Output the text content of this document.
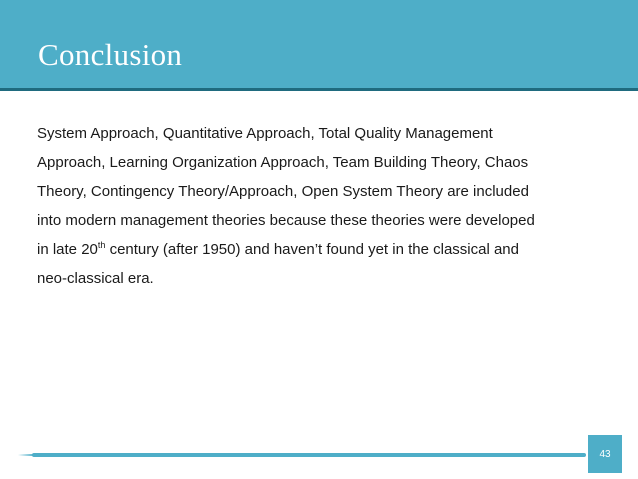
Conclusion

System Approach, Quantitative Approach, Total Quality Management
Approach, Learning Organization Approach, Team Building Theory, Chaos
Theory, Contingency Theory/Approach, Open System Theory are included
into modern management theories because these theories were developed
in late 20th century (after 1950) and haven’t found yet in the classical and
neo-classical era.

43
